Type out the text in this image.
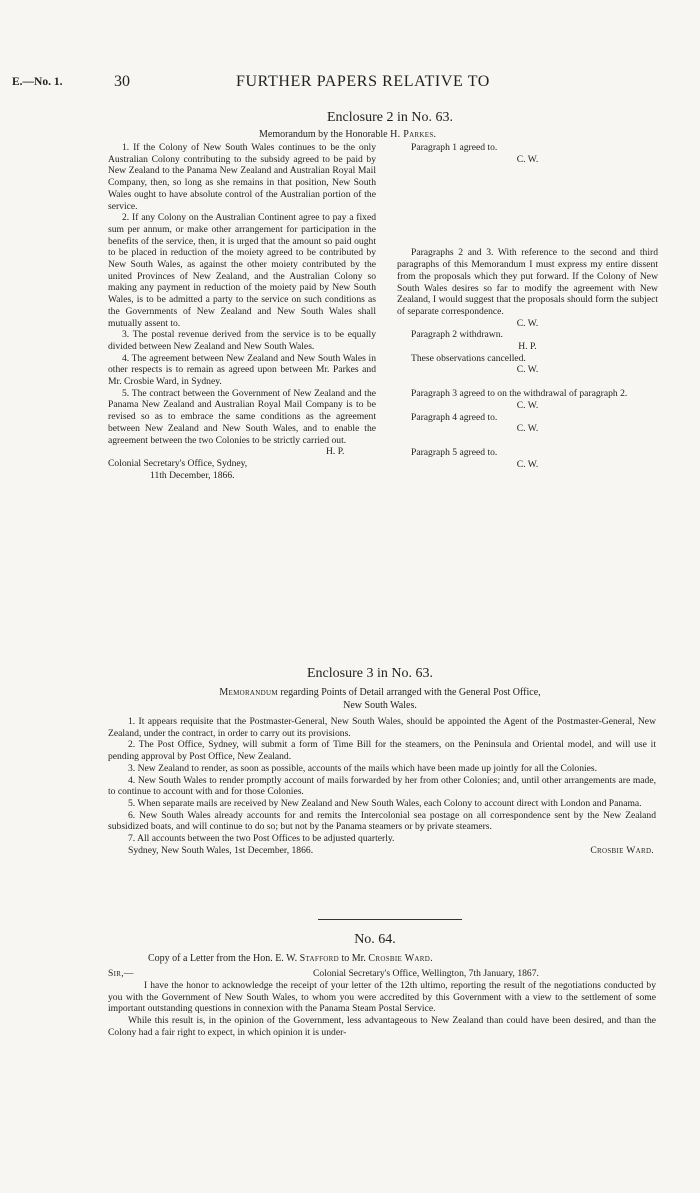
E.—No. 1.	30	FURTHER PAPERS RELATIVE TO
Enclosure 2 in No. 63.
Memorandum by the Honorable H. Parkes.

1. If the Colony of New South Wales continues to be the only Australian Colony contributing to the subsidy agreed to be paid by New Zealand to the Panama New Zealand and Australian Royal Mail Company, then, so long as she remains in that position, New South Wales ought to have absolute control of the Australian portion of the service.

2. If any Colony on the Australian Continent agree to pay a fixed sum per annum, or make other arrangement for participation in the benefits of the service, then, it is urged that the amount so paid ought to be placed in reduction of the moiety agreed to be contributed by New South Wales, as against the other moiety contributed by the united Provinces of New Zealand, and the Australian Colony so making any payment in reduction of the moiety paid by New South Wales, is to be admitted a party to the service on such conditions as the Governments of New Zealand and New South Wales shall mutually assent to.

3. The postal revenue derived from the service is to be equally divided between New Zealand and New South Wales.

4. The agreement between New Zealand and New South Wales in other respects is to remain as agreed upon between Mr. Parkes and Mr. Crosbie Ward, in Sydney.

5. The contract between the Government of New Zealand and the Panama New Zealand and Australian Royal Mail Company is to be revised so as to embrace the same conditions as the agreement between New Zealand and New South Wales, and to enable the agreement between the two Colonies to be strictly carried out.

H. P.

Colonial Secretary's Office, Sydney,

11th December, 1866.

Paragraph 1 agreed to.

C. W.

Paragraphs 2 and 3. With reference to the second and third paragraphs of this Memorandum I must express my entire dissent from the proposals which they put forward. If the Colony of New South Wales desires so far to modify the agreement with New Zealand, I would suggest that the proposals should form the subject of separate correspondence.

C. W.

Paragraph 2 withdrawn.

H. P.

These observations cancelled.

C. W.

Paragraph 3 agreed to on the withdrawal of paragraph 2.

C. W.

Paragraph 4 agreed to.

C. W.

Paragraph 5 agreed to.

C. W.

Enclosure 3 in No. 63.
Memorandum regarding Points of Detail arranged with the General Post Office,
New South Wales.

1. It appears requisite that the Postmaster-General, New South Wales, should be appointed the Agent of the Postmaster-General, New Zealand, under the contract, in order to carry out its provisions.

2. The Post Office, Sydney, will submit a form of Time Bill for the steamers, on the Peninsula and Oriental model, and will use it pending approval by Post Office, New Zealand.

3. New Zealand to render, as soon as possible, accounts of the mails which have been made up jointly for all the Colonies.

4. New South Wales to render promptly account of mails forwarded by her from other Colonies; and, until other arrangements are made, to continue to account with and for those Colonies.

5. When separate mails are received by New Zealand and New South Wales, each Colony to account direct with London and Panama.

6. New South Wales already accounts for and remits the Intercolonial sea postage on all correspondence sent by the New Zealand subsidized boats, and will continue to do so; but not by the Panama steamers or by private steamers.

7. All accounts between the two Post Offices to be adjusted quarterly.

Sydney, New South Wales, 1st December, 1866.	Crosbie Ward.
No. 64.
Copy of a Letter from the Hon. E. W. Stafford to Mr. Crosbie Ward.
Sir,—	Colonial Secretary's Office, Wellington, 7th January, 1867.

I have the honor to acknowledge the receipt of your letter of the 12th ultimo, reporting the result of the negotiations conducted by you with the Government of New South Wales, to whom you were accredited by this Government with a view to the settlement of some important outstanding questions in connexion with the Panama Steam Postal Service.

While this result is, in the opinion of the Government, less advantageous to New Zealand than could have been desired, and than the Colony had a fair right to expect, in which opinion it is under-
